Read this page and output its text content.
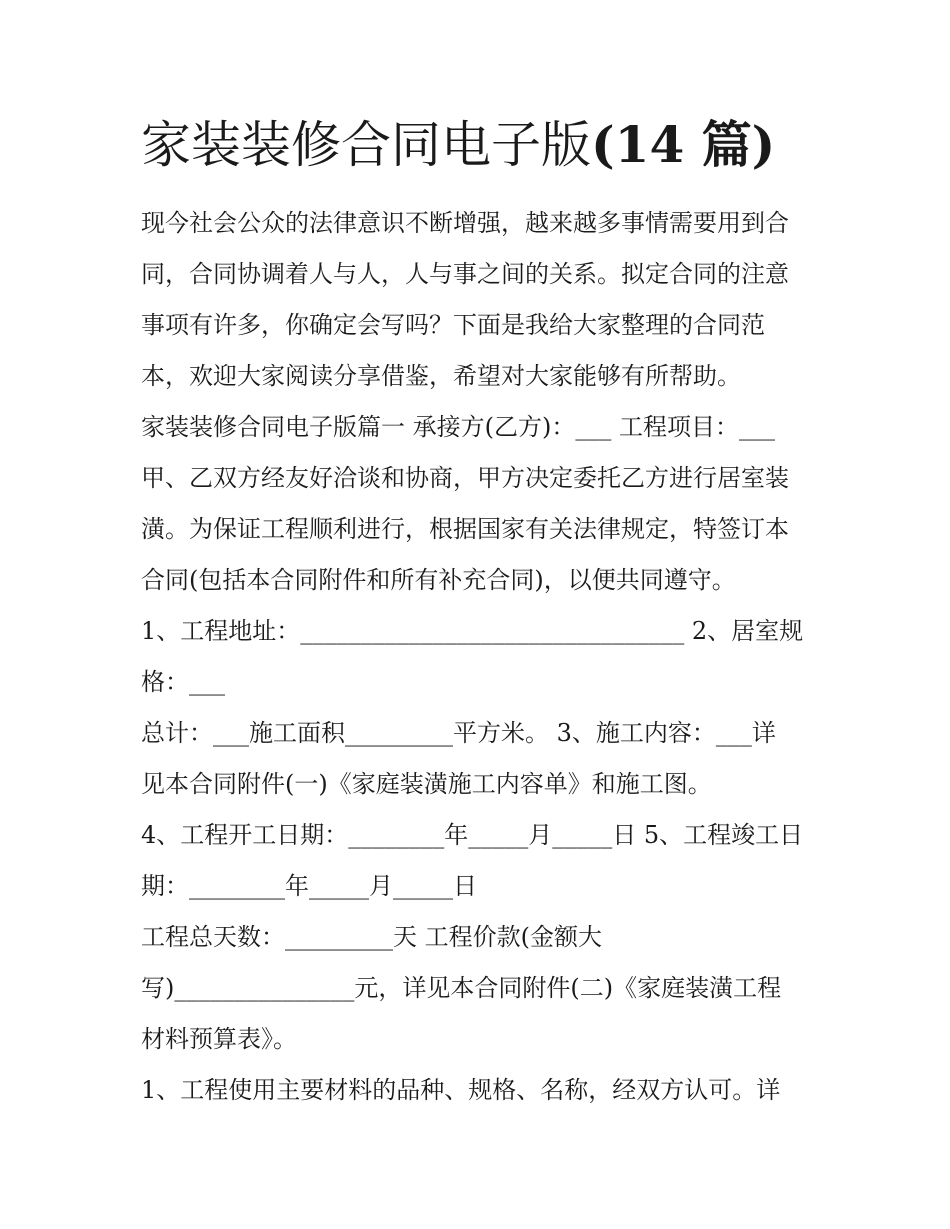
家装装修合同电子版(14 篇)
现今社会公众的法律意识不断增强，越来越多事情需要用到合
同，合同协调着人与人，人与事之间的关系。拟定合同的注意
事项有许多，你确定会写吗？下面是我给大家整理的合同范
本，欢迎大家阅读分享借鉴，希望对大家能够有所帮助。
家装装修合同电子版篇一 承接方(乙方)：___ 工程项目：___
甲、乙双方经友好洽谈和协商，甲方决定委托乙方进行居室装
潢。为保证工程顺利进行，根据国家有关法律规定，特签订本
合同(包括本合同附件和所有补充合同)，以便共同遵守。
1、工程地址：________________________________ 2、居室规
格：___
总计：___施工面积_________平方米。 3、施工内容：___详
见本合同附件(一)《家庭装潢施工内容单》和施工图。
4、工程开工日期：________年_____月_____日 5、工程竣工日
期：________年_____月_____日
工程总天数：_________天 工程价款(金额大
写)_______________元，详见本合同附件(二)《家庭装潢工程
材料预算表》。
1、工程使用主要材料的品种、规格、名称，经双方认可。详
